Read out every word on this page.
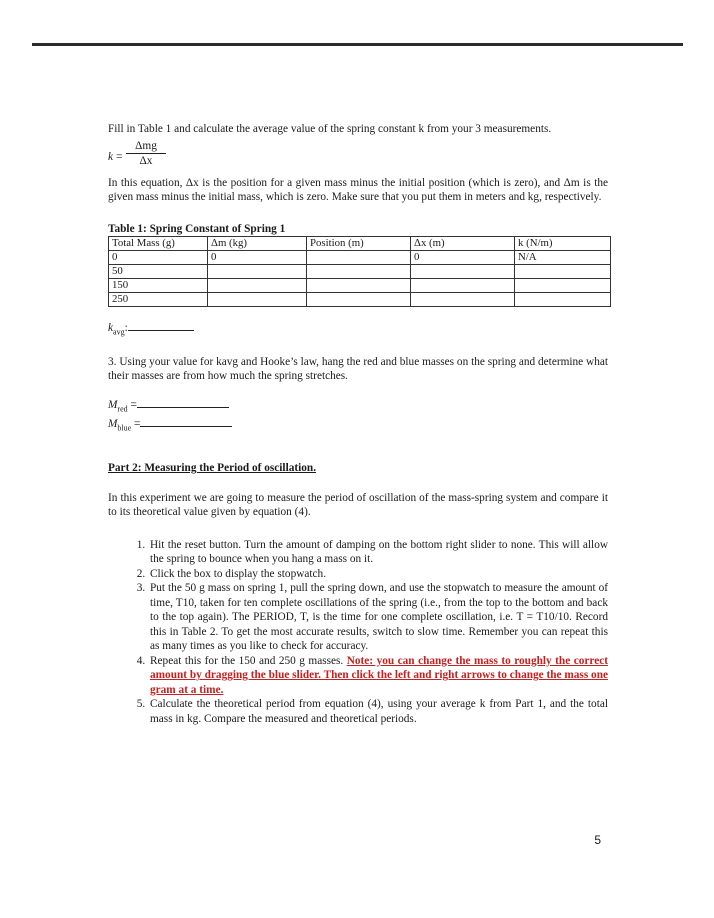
Fill in Table 1 and calculate the average value of the spring constant k from your 3 measurements.

k =
Δmg
Δx

In this equation, Δx is the position for a given mass minus the initial position (which is zero), and Δm is the given mass minus the initial mass, which is zero. Make sure that you put them in meters and kg, respectively.

Table 1: Spring Constant of Spring 1
Total Mass (g)	Δm (kg)	Position (m)	Δx (m)	k (N/m)
0	0		0	N/A
50				
150				
250				
$k_{avg}$:

3. Using your value for kavg and Hooke’s law, hang the red and blue masses on the spring and determine what their masses are from how much the spring stretches.

$M_{red}$ =
$M_{blue}$ =
Part 2: Measuring the Period of oscillation.

In this experiment we are going to measure the period of oscillation of the mass-spring system and compare it to its theoretical value given by equation (4).

1. Hit the reset button. Turn the amount of damping on the bottom right slider to none. This will allow the spring to bounce when you hang a mass on it.
2. Click the box to display the stopwatch.
3. Put the 50 g mass on spring 1, pull the spring down, and use the stopwatch to measure the amount of time, T10, taken for ten complete oscillations of the spring (i.e., from the top to the bottom and back to the top again). The PERIOD, T, is the time for one complete oscillation, i.e. T = T10/10. Record this in Table 2. To get the most accurate results, switch to slow time. Remember you can repeat this as many times as you like to check for accuracy.
4. Repeat this for the 150 and 250 g masses. Note: you can change the mass to roughly the correct amount by dragging the blue slider. Then click the left and right arrows to change the mass one gram at a time.
5. Calculate the theoretical period from equation (4), using your average k from Part 1, and the total mass in kg. Compare the measured and theoretical periods.
5
